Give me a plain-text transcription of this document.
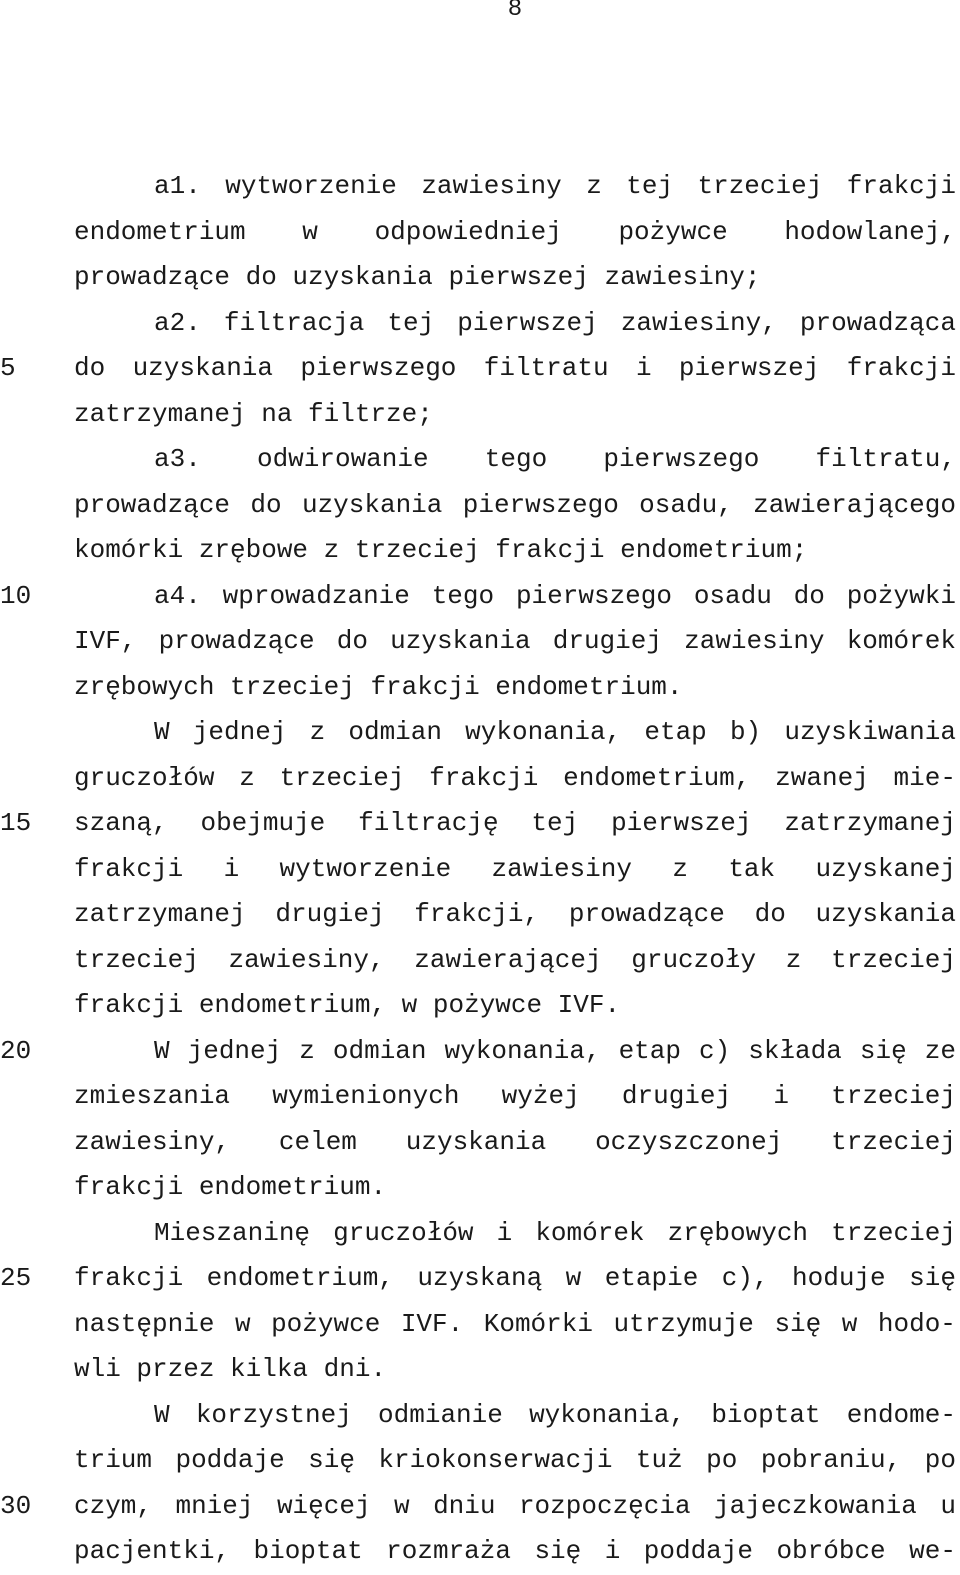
8
5
10
15
20
25
30
a1. wytworzenie zawiesiny z tej trzeciej frakcji
endometrium w odpowiedniej pożywce hodowlanej,
prowadzące do uzyskania pierwszej zawiesiny;
a2. filtracja tej pierwszej zawiesiny, prowadząca
do uzyskania pierwszego filtratu i pierwszej frakcji
zatrzymanej na filtrze;
a3. odwirowanie tego pierwszego filtratu,
prowadzące do uzyskania pierwszego osadu, zawierającego
komórki zrębowe z trzeciej frakcji endometrium;
a4. wprowadzanie tego pierwszego osadu do pożywki
IVF, prowadzące do uzyskania drugiej zawiesiny komórek
zrębowych trzeciej frakcji endometrium.
W jednej z odmian wykonania, etap b) uzyskiwania
gruczołów z trzeciej frakcji endometrium, zwanej mie-
szaną, obejmuje filtrację tej pierwszej zatrzymanej
frakcji i wytworzenie zawiesiny z tak uzyskanej
zatrzymanej drugiej frakcji, prowadzące do uzyskania
trzeciej zawiesiny, zawierającej gruczoły z trzeciej
frakcji endometrium, w pożywce IVF.
W jednej z odmian wykonania, etap c) składa się ze
zmieszania wymienionych wyżej drugiej i trzeciej
zawiesiny, celem uzyskania oczyszczonej trzeciej
frakcji endometrium.
Mieszaninę gruczołów i komórek zrębowych trzeciej
frakcji endometrium, uzyskaną w etapie c), hoduje się
następnie w pożywce IVF. Komórki utrzymuje się w hodo-
wli przez kilka dni.
W korzystnej odmianie wykonania, bioptat endome-
trium poddaje się kriokonserwacji tuż po pobraniu, po
czym, mniej więcej w dniu rozpoczęcia jajeczkowania u
pacjentki, bioptat rozmraża się i poddaje obróbce we-
